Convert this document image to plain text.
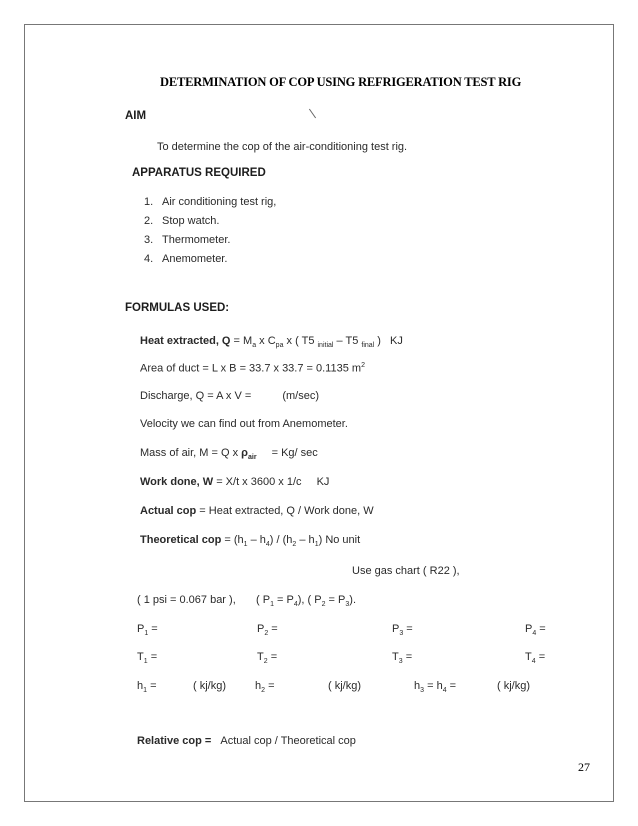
DETERMINATION OF COP USING REFRIGERATION TEST RIG
AIM
To determine the cop of the air-conditioning test rig.
APPARATUS REQUIRED
1. Air conditioning test rig,
2. Stop watch.
3. Thermometer.
4. Anemometer.
FORMULAS USED:
Heat extracted, $Q = M_a$ x $C_{pa}$ x ( T5 $_{initial}$ – T5 $_{final}$ ) KJ
Area of duct = L x B = 33.7 x 33.7 = 0.1135 $m^2$
Discharge, Q = A x V =	(m/sec)
Velocity we can find out from Anemometer.
Mass of air, M = Q x $\rho_{air} = Kg/$ sec
Work done, W = X/t x 3600 x 1/c KJ
Actual cop = Heat extracted, Q / Work done, W
Theoretical cop = $(h_1 - h_4) / (h_2 - h_1)$ No unit
Use gas chart ( R22 ),
( 1 psi = 0.067 bar ), ( $P_1 = P_4$), ( $P_2 = P_3$).
$P_1$ =	$P_2$ =	$P_3$ =	$P_4$ =
$T_1$ =	$T_2$ =	$T_3$ =	$T_4$ =
$h_1$ =	( kj/kg)	$h_2$ =	( kj/kg)	$h_3 = h_4$ =	( kj/kg)
Relative cop = Actual cop / Theoretical cop
27
